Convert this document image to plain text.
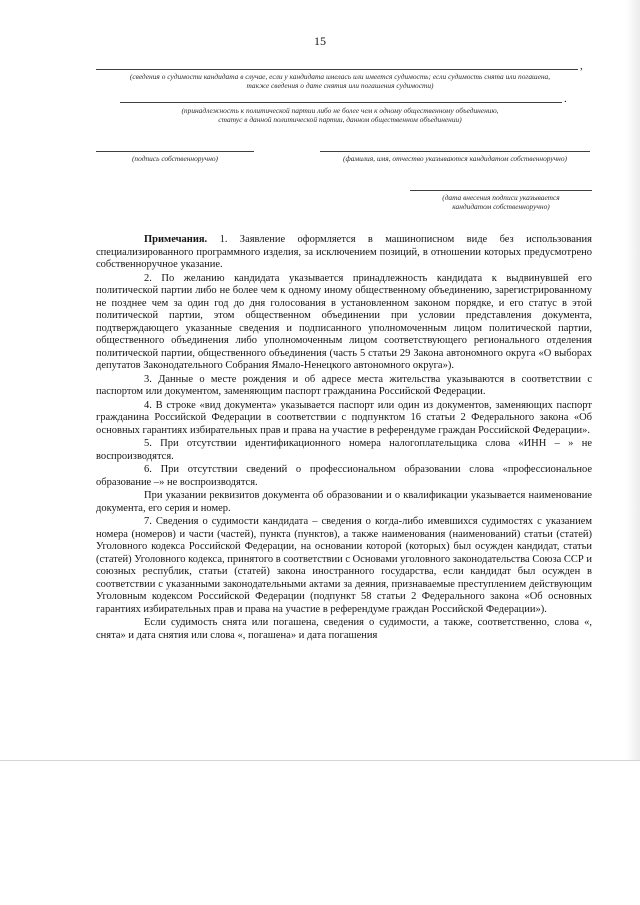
15
,
(сведения о судимости кандидата в случае, если у кандидата имелась или имеется судимость; если судимость снята или погашена,
также сведения о дате снятия или погашения судимости)
.
(принадлежность к политической партии либо не более чем к одному общественному объединению,
статус в данной политической партии, данном общественном объединении)
(подпись собственноручно)	(фамилия, имя, отчество указываются кандидатом собственноручно)
(дата внесения подписи указывается
кандидатом собственноручно)

Примечания. 1. Заявление оформляется в машинописном виде без использования специализированного программного изделия, за исключением позиций, в отношении которых предусмотрено собственноручное указание.

2. По желанию кандидата указывается принадлежность кандидата к выдвинувшей его политической партии либо не более чем к одному иному общественному объединению, зарегистрированному не позднее чем за один год до дня голосования в установленном законом порядке, и его статус в этой политической партии, этом общественном объединении при условии представления документа, подтверждающего указанные сведения и подписанного уполномоченным лицом политической партии, общественного объединения либо уполномоченным лицом соответствующего регионального отделения политической партии, общественного объединения (часть 5 статьи 29 Закона автономного округа «О выборах депутатов Законодательного Собрания Ямало-Ненецкого автономного округа»).

3. Данные о месте рождения и об адресе места жительства указываются в соответствии с паспортом или документом, заменяющим паспорт гражданина Российской Федерации.

4. В строке «вид документа» указывается паспорт или один из документов, заменяющих паспорт гражданина Российской Федерации в соответствии с подпунктом 16 статьи 2 Федерального закона «Об основных гарантиях избирательных прав и права на участие в референдуме граждан Российской Федерации».

5. При отсутствии идентификационного номера налогоплательщика слова «ИНН – » не воспроизводятся.

6. При отсутствии сведений о профессиональном образовании слова «профессиональное образование –» не воспроизводятся.

При указании реквизитов документа об образовании и о квалификации указывается наименование документа, его серия и номер.

7. Сведения о судимости кандидата – сведения о когда-либо имевшихся судимостях с указанием номера (номеров) и части (частей), пункта (пунктов), а также наименования (наименований) статьи (статей) Уголовного кодекса Российской Федерации, на основании которой (которых) был осужден кандидат, статьи (статей) Уголовного кодекса, принятого в соответствии с Основами уголовного законодательства Союза ССР и союзных республик, статьи (статей) закона иностранного государства, если кандидат был осужден в соответствии с указанными законодательными актами за деяния, признаваемые преступлением действующим Уголовным кодексом Российской Федерации (подпункт 58 статьи 2 Федерального закона «Об основных гарантиях избирательных прав и права на участие в референдуме граждан Российской Федерации»).

Если судимость снята или погашена, сведения о судимости, а также, соответственно, слова «, снята» и дата снятия или слова «, погашена» и дата погашения
